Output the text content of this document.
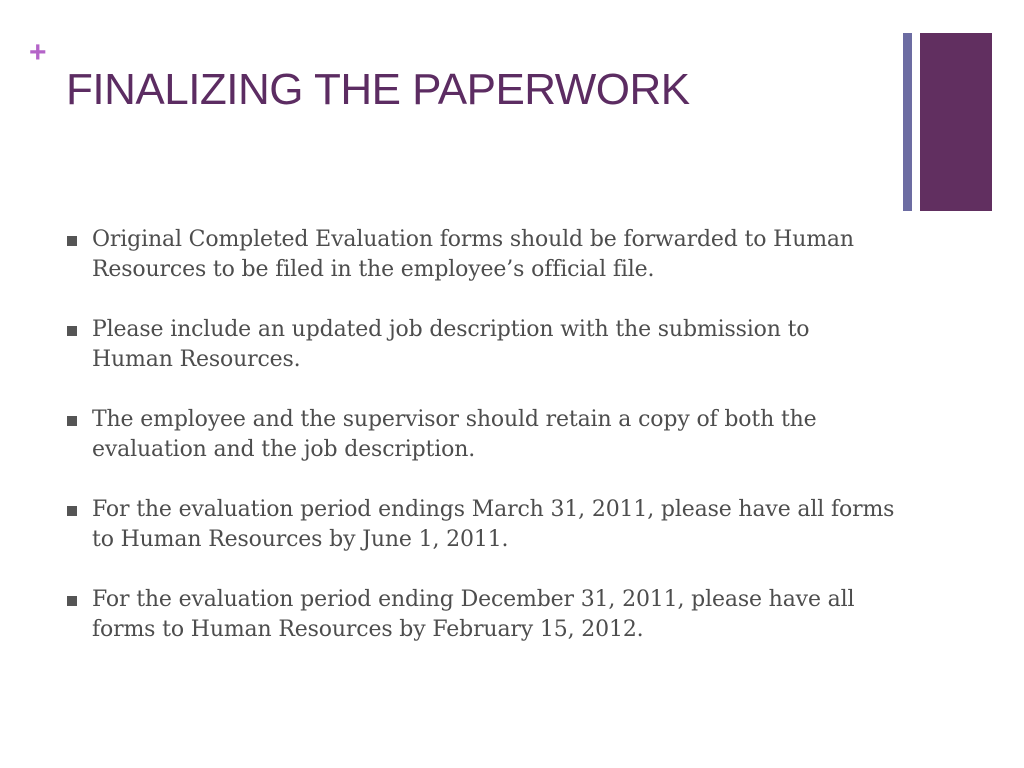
+
FINALIZING THE PAPERWORK
Original Completed Evaluation forms should be forwarded to Human Resources to be filed in the employee’s official file.
Please include an updated job description with the submission to Human Resources.
The employee and the supervisor should retain a copy of both the evaluation and the job description.
For the evaluation period endings March 31, 2011, please have all forms to Human Resources by June 1, 2011.
For the evaluation period ending December 31, 2011, please have all forms to Human Resources by February 15, 2012.
